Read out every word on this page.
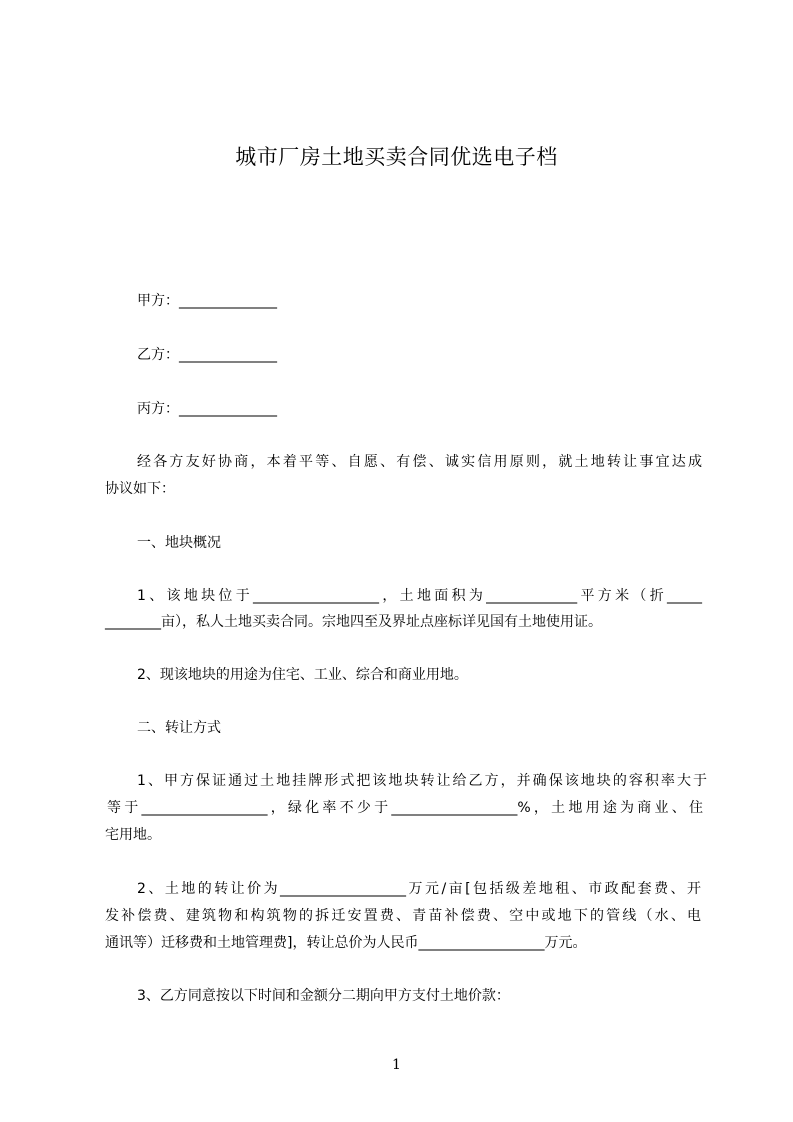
城市厂房土地买卖合同优选电子档
甲方：______________
乙方：______________
丙方：______________
经各方友好协商，本着平等、自愿、有偿、诚实信用原则，就土地转让事宜达成
协议如下：
一、地块概况
1、该地块位于__________________，土地面积为_____________平方米（折_____
________亩），私人土地买卖合同。宗地四至及界址点座标详见国有土地使用证。
2、现该地块的用途为住宅、工业、综合和商业用地。
二、转让方式
1、甲方保证通过土地挂牌形式把该地块转让给乙方，并确保该地块的容积率大于
等于__________________，绿化率不少于__________________%，土地用途为商业、住
宅用地。
2、土地的转让价为__________________万元/亩[包括级差地租、市政配套费、开
发补偿费、建筑物和构筑物的拆迁安置费、青苗补偿费、空中或地下的管线（水、电
通讯等）迁移费和土地管理费]，转让总价为人民币__________________万元。
3、乙方同意按以下时间和金额分二期向甲方支付土地价款：
1
